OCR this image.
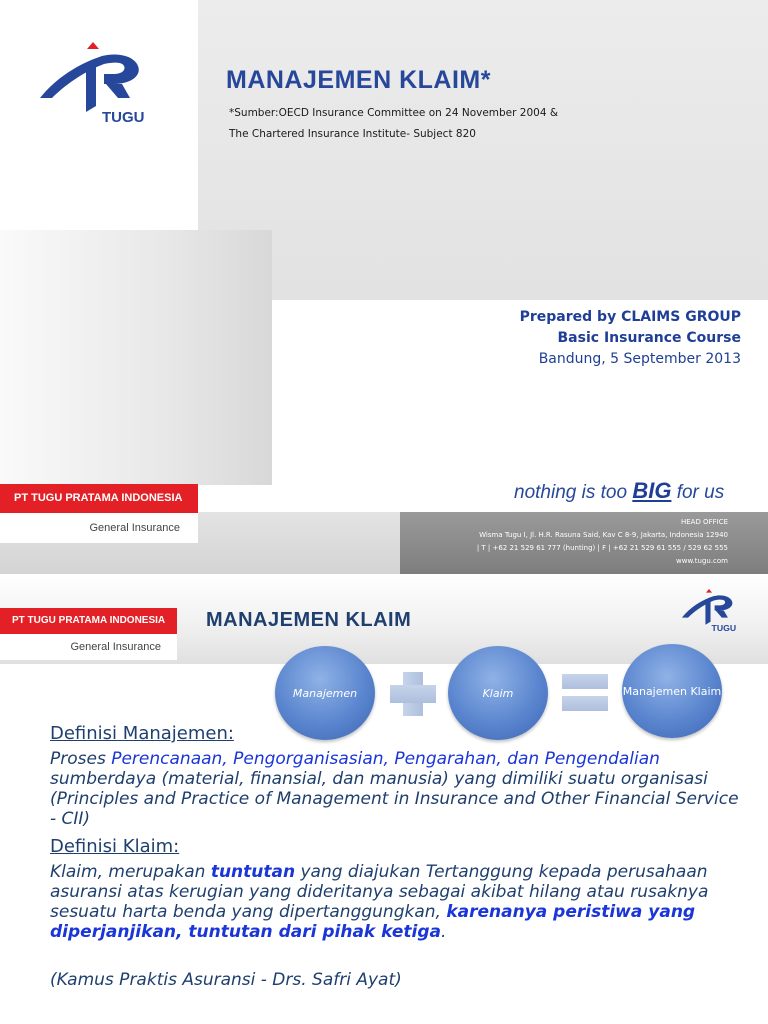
TUGU
MANAJEMEN KLAIM*
*Sumber:OECD Insurance Committee on 24 November 2004 &
The Chartered Insurance Institute- Subject 820
Prepared by CLAIMS GROUP
Basic Insurance Course
Bandung, 5 September 2013
PT TUGU PRATAMA INDONESIA
General Insurance
nothing is too BIG for us
HEAD OFFICE
Wisma Tugu I, Jl. H.R. Rasuna Said, Kav C 8-9, Jakarta, Indonesia 12940
| T | +62 21 529 61 777 (hunting) | F | +62 21 529 61 555 / 529 62 555
www.tugu.com
PT TUGU PRATAMA INDONESIA
General Insurance
MANAJEMEN KLAIM	TUGU
Manajemen	Klaim	Manajemen Klaim
Definisi Manajemen:
Proses Perencanaan, Pengorganisasian, Pengarahan, dan Pengendalian sumberdaya (material, finansial, dan manusia) yang dimiliki suatu organisasi (Principles and Practice of Management in Insurance and Other Financial Service - CII)
Definisi Klaim:
Klaim, merupakan tuntutan yang diajukan Tertanggung kepada perusahaan asuransi atas kerugian yang dideritanya sebagai akibat hilang atau rusaknya sesuatu harta benda yang dipertanggungkan, karenanya peristiwa yang diperjanjikan, tuntutan dari pihak ketiga.
(Kamus Praktis Asuransi - Drs. Safri Ayat)
